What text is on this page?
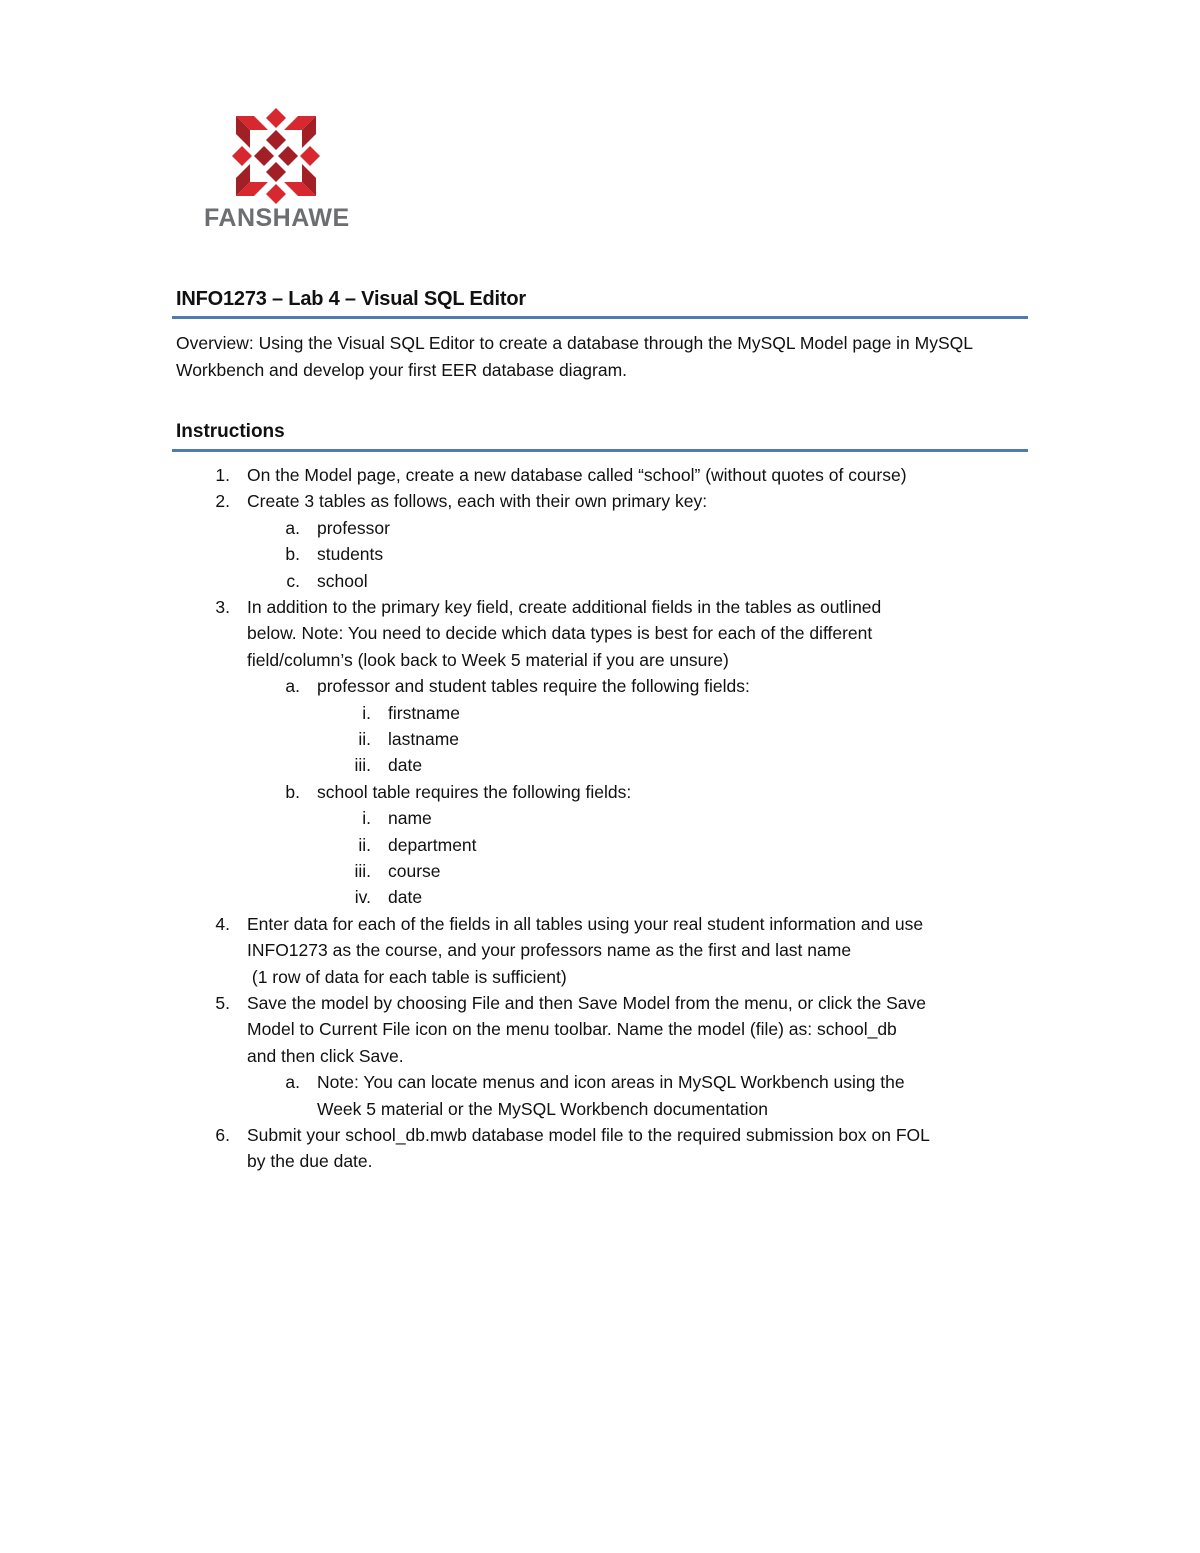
FANSHAWE
INFO1273 – Lab 4 – Visual SQL Editor
Overview: Using the Visual SQL Editor to create a database through the MySQL Model page in MySQL Workbench and develop your first EER database diagram.
Instructions
1. On the Model page, create a new database called “school” (without quotes of course)
2. Create 3 tables as follows, each with their own primary key:
a. professor
b. students
c. school
3. In addition to the primary key field, create additional fields in the tables as outlined
below. Note: You need to decide which data types is best for each of the different
field/column’s (look back to Week 5 material if you are unsure)
a. professor and student tables require the following fields:
i. firstname
ii. lastname
iii. date
b. school table requires the following fields:
i. name
ii. department
iii. course
iv. date
4. Enter data for each of the fields in all tables using your real student information and use
INFO1273 as the course, and your professors name as the first and last name
(1 row of data for each table is sufficient)
5. Save the model by choosing File and then Save Model from the menu, or click the Save
Model to Current File icon on the menu toolbar. Name the model (file) as: school_db
and then click Save.
a. Note: You can locate menus and icon areas in MySQL Workbench using the
Week 5 material or the MySQL Workbench documentation
6. Submit your school_db.mwb database model file to the required submission box on FOL
by the due date.
